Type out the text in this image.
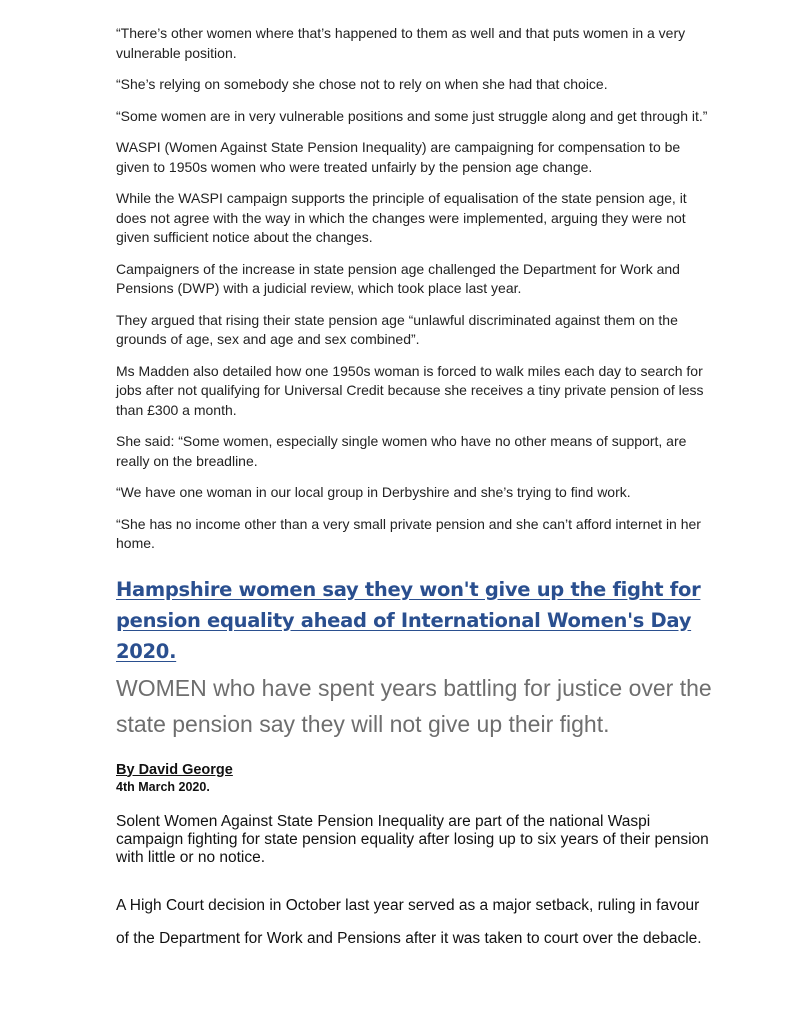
“There’s other women where that’s happened to them as well and that puts women in a very vulnerable position.

“She’s relying on somebody she chose not to rely on when she had that choice.

“Some women are in very vulnerable positions and some just struggle along and get through it.”

WASPI (Women Against State Pension Inequality) are campaigning for compensation to be given to 1950s women who were treated unfairly by the pension age change.

While the WASPI campaign supports the principle of equalisation of the state pension age, it does not agree with the way in which the changes were implemented, arguing they were not given sufficient notice about the changes.

Campaigners of the increase in state pension age challenged the Department for Work and Pensions (DWP) with a judicial review, which took place last year.

They argued that rising their state pension age “unlawful discriminated against them on the grounds of age, sex and age and sex combined”.

Ms Madden also detailed how one 1950s woman is forced to walk miles each day to search for jobs after not qualifying for Universal Credit because she receives a tiny private pension of less than £300 a month.

She said: “Some women, especially single women who have no other means of support, are really on the breadline.

“We have one woman in our local group in Derbyshire and she’s trying to find work.

“She has no income other than a very small private pension and she can’t afford internet in her home.

Hampshire women say they won't give up the fight for pension equality ahead of International Women's Day 2020.
WOMEN who have spent years battling for justice over the state pension say they will not give up their fight.
By David George
4th March 2020.
Solent Women Against State Pension Inequality are part of the national Waspi campaign fighting for state pension equality after losing up to six years of their pension with little or no notice.
A High Court decision in October last year served as a major setback, ruling in favour of the Department for Work and Pensions after it was taken to court over the debacle.
